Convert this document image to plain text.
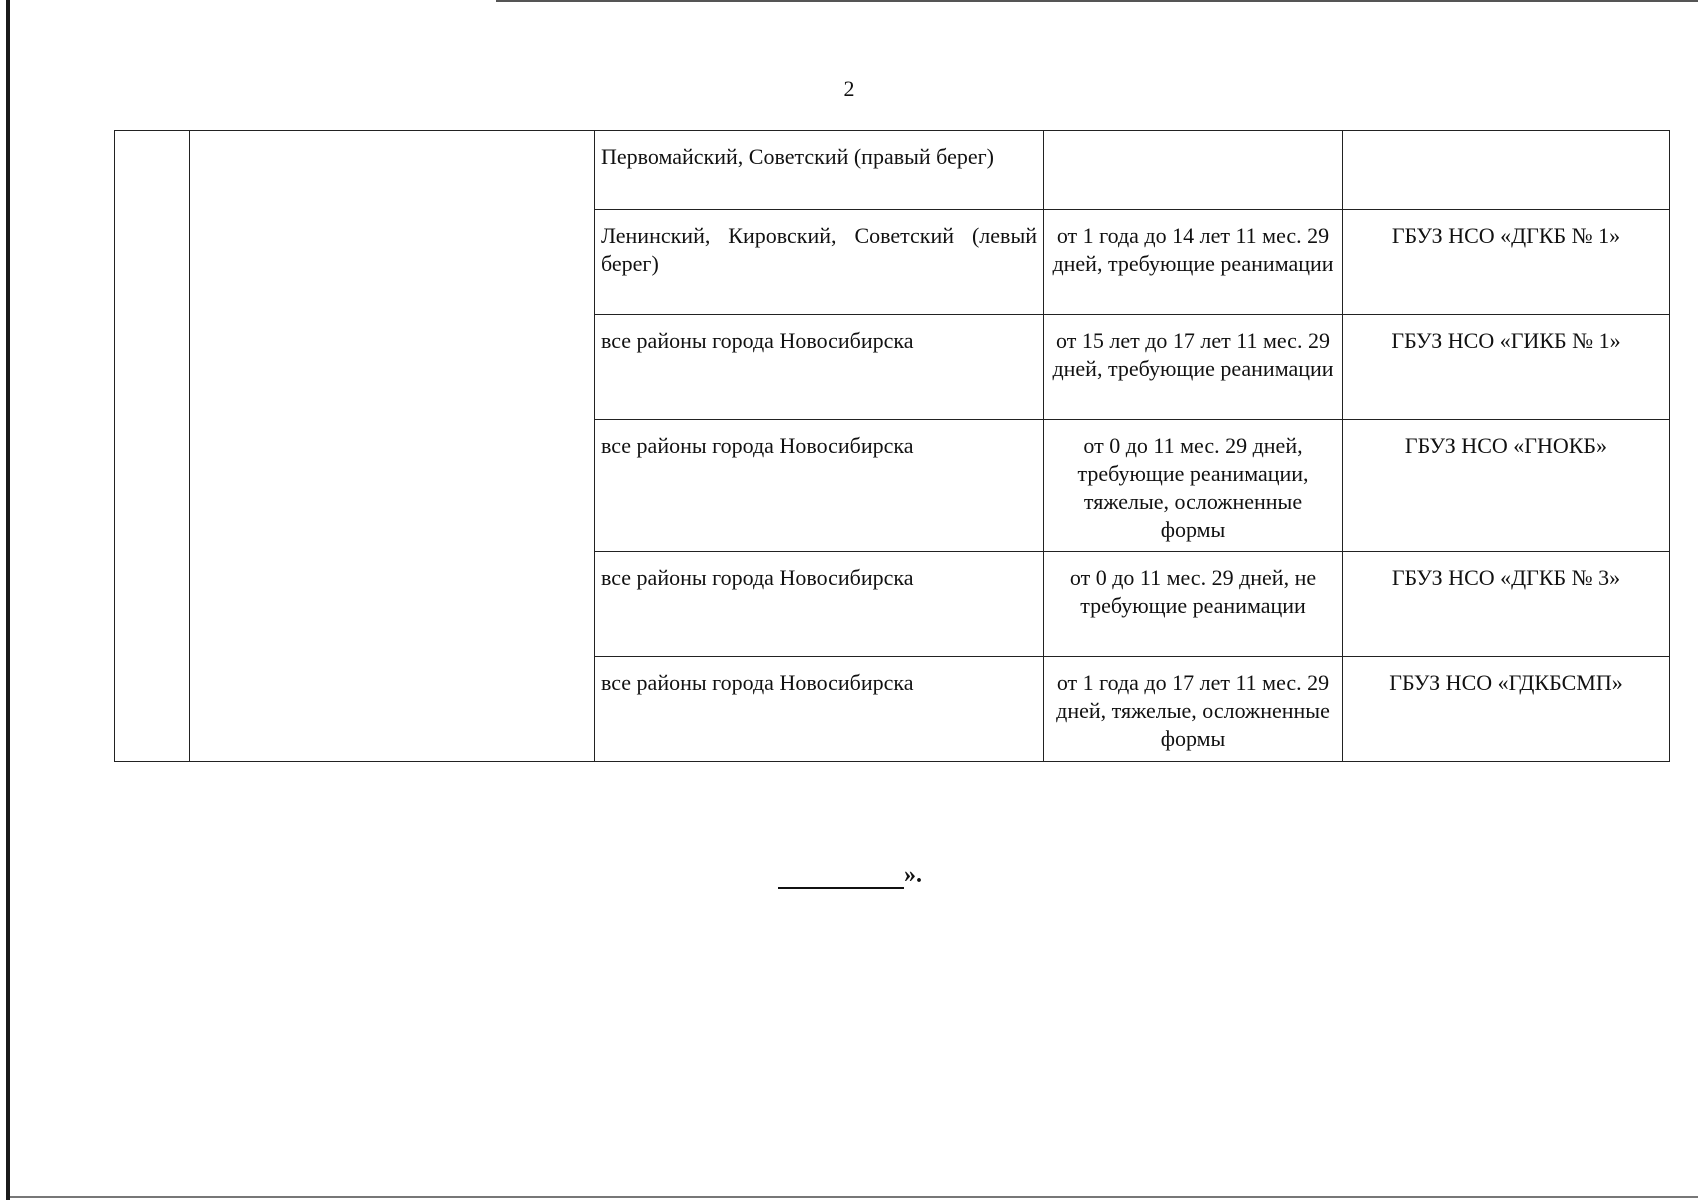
2
		Первомайский, Советский (правый берег)		
		Ленинский, Кировский, Советский (левый берег)	от 1 года до 14 лет 11 мес. 29 дней, требующие реанимации	ГБУЗ НСО «ДГКБ № 1»
		все районы города Новосибирска	от 15 лет до 17 лет 11 мес. 29 дней, требующие реанимации	ГБУЗ НСО «ГИКБ № 1»
		все районы города Новосибирска	от 0 до 11 мес. 29 дней, требующие реанимации, тяжелые, осложненные формы	ГБУЗ НСО «ГНОКБ»
		все районы города Новосибирска	от 0 до 11 мес. 29 дней, не требующие реанимации	ГБУЗ НСО «ДГКБ № 3»
		все районы города Новосибирска	от 1 года до 17 лет 11 мес. 29 дней, тяжелые, осложненные формы	ГБУЗ НСО «ГДКБСМП»
».
